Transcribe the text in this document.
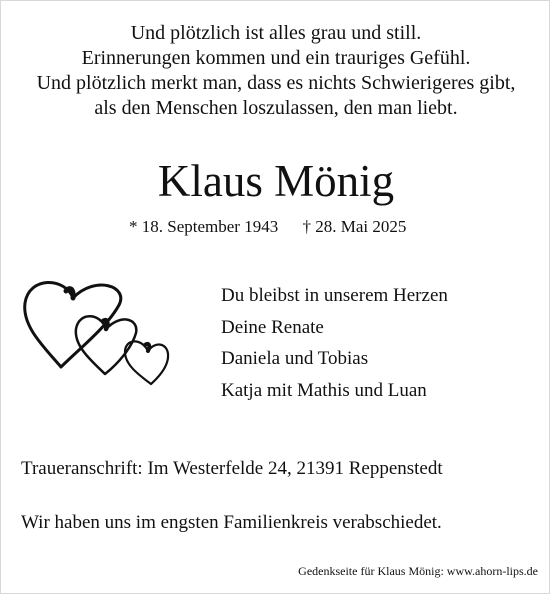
Und plötzlich ist alles grau und still.
Erinnerungen kommen und ein trauriges Gefühl.
Und plötzlich merkt man, dass es nichts Schwierigeres gibt,
als den Menschen loszulassen, den man liebt.
Klaus Mönig
* 18. September 1943 † 28. Mai 2025
Du bleibst in unserem Herzen
Deine Renate
Daniela und Tobias
Katja mit Mathis und Luan
Traueranschrift: Im Westerfelde 24, 21391 Reppenstedt
Wir haben uns im engsten Familienkreis verabschiedet.
Gedenkseite für Klaus Mönig: www.ahorn-lips.de
